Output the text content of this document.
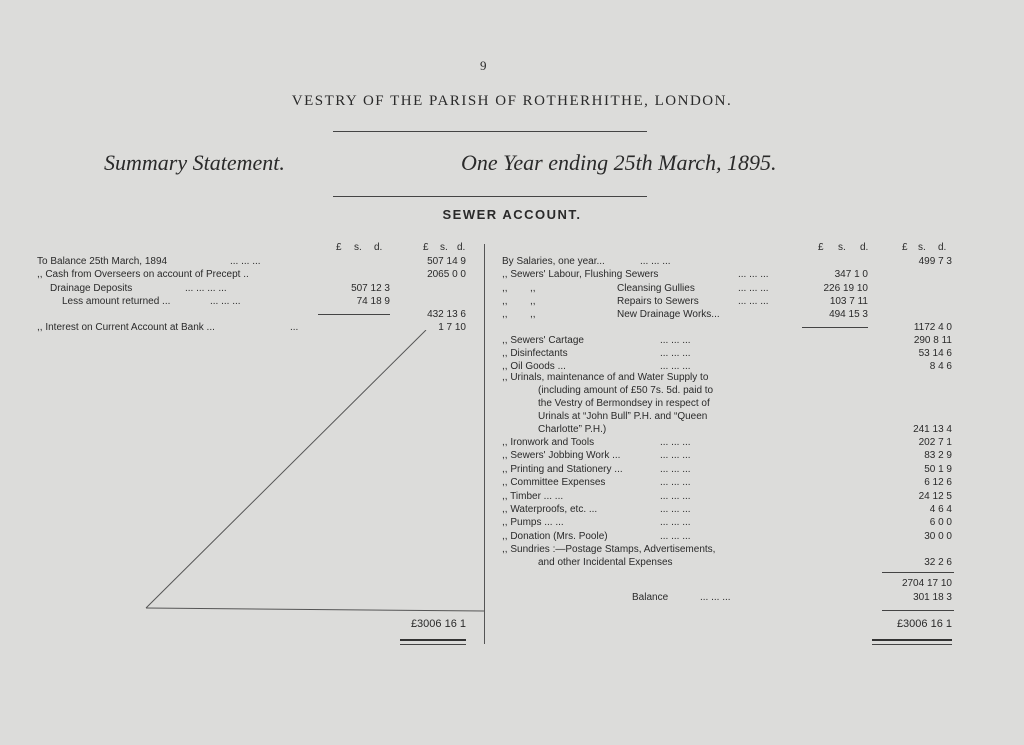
9
VESTRY OF THE PARISH OF ROTHERHITHE, LONDON.
Summary Statement.	One Year ending 25th March, 1895.
SEWER ACCOUNT.
£ s. d.	£ s. d.	£ s. d.	£ s. d.
To Balance 25th March, 1894	... ... ...	507 14 9
,, Cash from Overseers on account of Precept ..	2065 0 0
Drainage Deposits	... ... ... ...	507 12 3
Less amount returned ...	... ... ...	74 18 9
432 13 6
,, Interest on Current Account at Bank ...	...	1 7 10
£3006 16 1
By Salaries, one year...	... ... ...	499 7 3
,, Sewers' Labour, Flushing Sewers	... ... ...	347 1 0
,, ,,	Cleansing Gullies	... ... ...	226 19 10
,, ,,	Repairs to Sewers	... ... ...	103 7 11
,, ,,	New Drainage Works...	494 15 3
1172 4 0
,, Sewers' Cartage	... ... ...	290 8 11
,, Disinfectants	... ... ...	53 14 6
,, Oil Goods ...	... ... ...	8 4 6
,, Urinals, maintenance of and Water Supply to
(including amount of £50 7s. 5d. paid to
the Vestry of Bermondsey in respect of
Urinals at “John Bull” P.H. and “Queen
Charlotte” P.H.)	241 13 4
,, Ironwork and Tools	... ... ...	202 7 1
,, Sewers' Jobbing Work ...	... ... ...	83 2 9
,, Printing and Stationery ...	... ... ...	50 1 9
,, Committee Expenses	... ... ...	6 12 6
,, Timber ... ...	... ... ...	24 12 5
,, Waterproofs, etc. ...	... ... ...	4 6 4
,, Pumps ... ...	... ... ...	6 0 0
,, Donation (Mrs. Poole)	... ... ...	30 0 0
,, Sundries :—Postage Stamps, Advertisements,
and other Incidental Expenses	32 2 6
2704 17 10
Balance	... ... ...	301 18 3
£3006 16 1
